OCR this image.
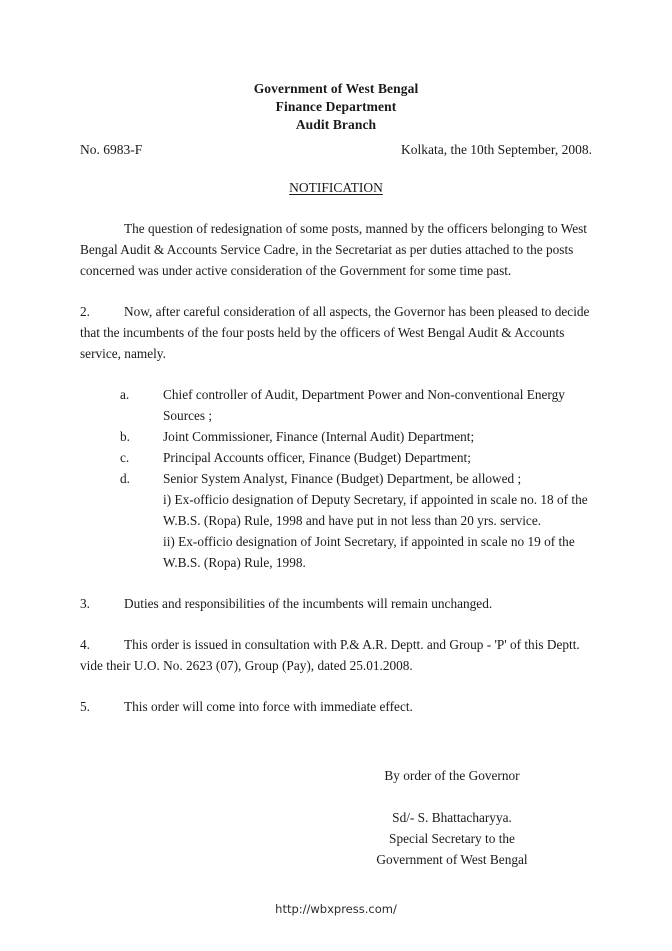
Government of West Bengal
Finance Department
Audit Branch
No. 6983-F	Kolkata, the 10th September, 2008.
NOTIFICATION

The question of redesignation of some posts, manned by the officers belonging to West Bengal Audit & Accounts Service Cadre, in the Secretariat as per duties attached to the posts concerned was under active consideration of the Government for some time past.

2.	Now, after careful consideration of all aspects, the Governor has been pleased to decide that the incumbents of the four posts held by the officers of West Bengal Audit & Accounts service, namely.

a.	Chief controller of Audit, Department Power and Non-conventional Energy Sources ;
b. Joint Commissioner, Finance (Internal Audit) Department;
c.	Principal Accounts officer, Finance (Budget) Department;
d. Senior System Analyst, Finance (Budget) Department, be allowed ;
i) Ex-officio designation of Deputy Secretary, if appointed in scale no. 18 of the W.B.S. (Ropa) Rule, 1998 and have put in not less than 20 yrs. service.
ii) Ex-officio designation of Joint Secretary, if appointed in scale no 19 of the W.B.S. (Ropa) Rule, 1998.

3.	Duties and responsibilities of the incumbents will remain unchanged.

4.	This order is issued in consultation with P.& A.R. Deptt. and Group - 'P' of this Deptt. vide their U.O. No. 2623 (07), Group (Pay), dated 25.01.2008.

5.	This order will come into force with immediate effect.

By order of the Governor
Sd/- S. Bhattacharyya.
Special Secretary to the
Government of West Bengal
http://wbxpress.com/
